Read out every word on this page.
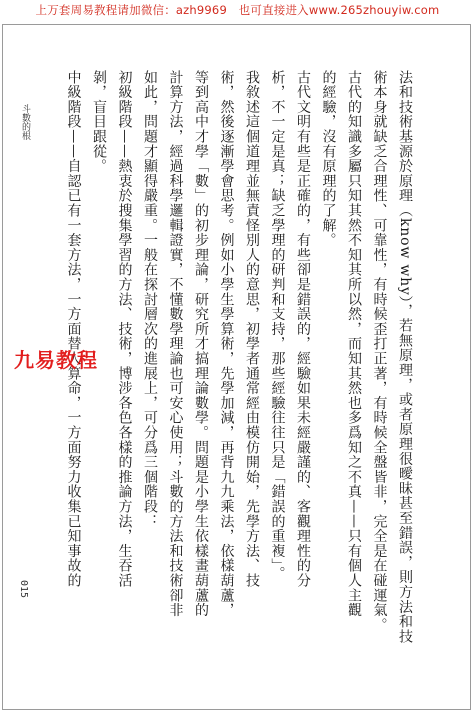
上万套周易教程请加微信：azh9969　也可直接进入www.265zhouyiw.com
斗數的根	法和技術基源於原理（know why），若無原理，或者原理很曖昧甚至錯誤，則方法和技

術本身就缺乏合理性、可靠性，有時候歪打正著，有時候全盤皆非，完全是在碰運氣。

古代的知識多屬只知其然不知其所以然，而知其然也多爲知之不真——只有個人主觀

的經驗，沒有原理的了解。

古代文明有些是正確的，有些卻是錯誤的，經驗如果未經嚴謹的、客觀理性的分

析，不一定是真；缺乏學理的研判和支持，那些經驗往往只是「錯誤的重複」。

我敘述這個道理並無責怪別人的意思，初學者通常經由模仿開始，先學方法、技

術，然後逐漸學會思考。例如小學生學算術，先學加減，再背九九乘法，依樣葫蘆，

等到高中才學「數」的初步理論，研究所才搞理論數學。問題是小學生依樣畫葫蘆的

計算方法，經過科學邏輯證實，不懂數學理論也可安心使用；斗數的方法和技術卻非

如此，問題才顯得嚴重。一般在探討層次的進展上，可分爲三個階段：

初級階段——熱衷於搜集學習的方法、技術，博涉各色各樣的推論方法，生吞活

剝，盲目跟從。

中級階段——自認已有一套方法，一方面替人算命，一方面努力收集已知事故的

九易教程
015
